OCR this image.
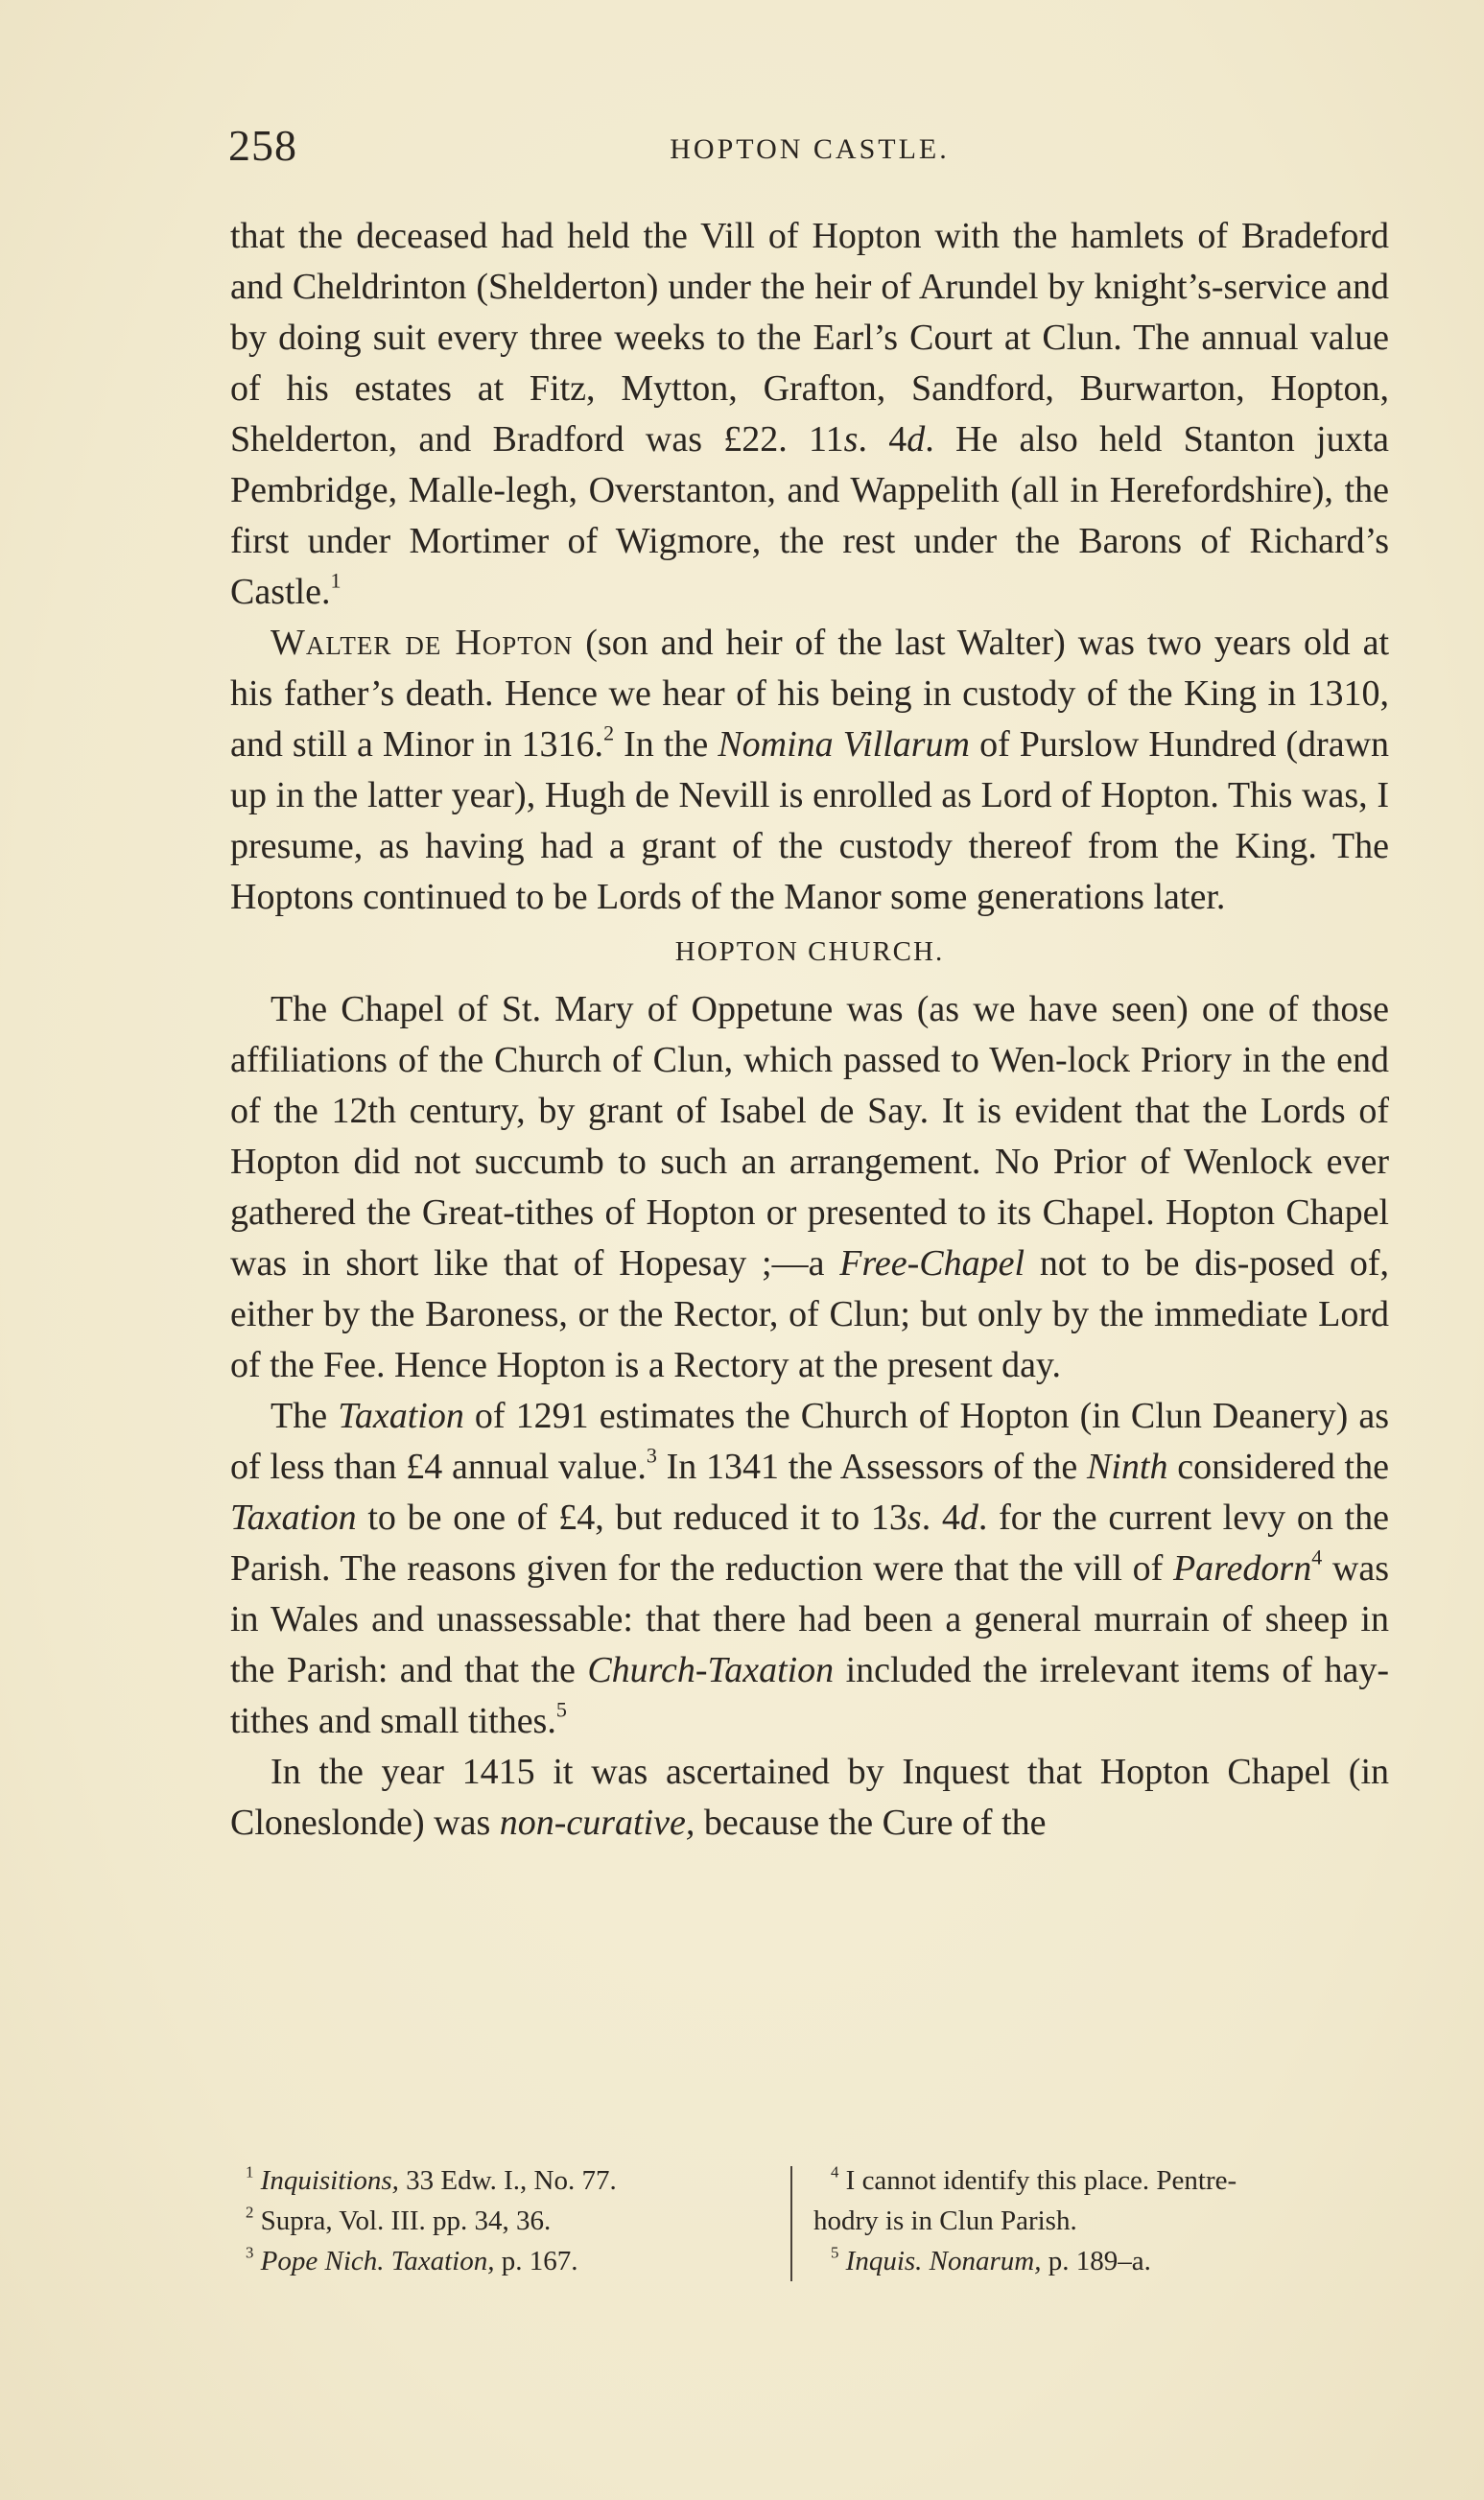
258	HOPTON CASTLE.

that the deceased had held the Vill of Hopton with the hamlets of Bradeford and Cheldrinton (Shelderton) under the heir of Arundel by knight’s-service and by doing suit every three weeks to the Earl’s Court at Clun. The annual value of his estates at Fitz, Mytton, Grafton, Sandford, Burwarton, Hopton, Shelderton, and Bradford was £22. 11s. 4d. He also held Stanton juxta Pembridge, Malle-legh, Overstanton, and Wappelith (all in Herefordshire), the first under Mortimer of Wigmore, the rest under the Barons of Richard’s Castle.$^1$

Walter de Hopton (son and heir of the last Walter) was two years old at his father’s death. Hence we hear of his being in custody of the King in 1310, and still a Minor in 1316.$^2$ In the Nomina Villarum of Purslow Hundred (drawn up in the latter year), Hugh de Nevill is enrolled as Lord of Hopton. This was, I presume, as having had a grant of the custody thereof from the King. The Hoptons continued to be Lords of the Manor some generations later.

HOPTON CHURCH.

The Chapel of St. Mary of Oppetune was (as we have seen) one of those affiliations of the Church of Clun, which passed to Wen-lock Priory in the end of the 12th century, by grant of Isabel de Say. It is evident that the Lords of Hopton did not succumb to such an arrangement. No Prior of Wenlock ever gathered the Great-tithes of Hopton or presented to its Chapel. Hopton Chapel was in short like that of Hopesay ;—a Free-Chapel not to be dis-posed of, either by the Baroness, or the Rector, of Clun; but only by the immediate Lord of the Fee. Hence Hopton is a Rectory at the present day.

The Taxation of 1291 estimates the Church of Hopton (in Clun Deanery) as of less than £4 annual value.$^3$ In 1341 the Assessors of the Ninth considered the Taxation to be one of £4, but reduced it to 13s. 4d. for the current levy on the Parish. The reasons given for the reduction were that the vill of Paredorn$^4$ was in Wales and unassessable: that there had been a general murrain of sheep in the Parish: and that the Church-Taxation included the irrelevant items of hay-tithes and small tithes.$^5$

In the year 1415 it was ascertained by Inquest that Hopton Chapel (in Cloneslonde) was non-curative, because the Cure of the

$^1$ Inquisitions, 33 Edw. I., No. 77.
$^2$ Supra, Vol. III. pp. 34, 36.
$^3$ Pope Nich. Taxation, p. 167.
$^4$ I cannot identify this place. Pentre-
hodry is in Clun Parish.
$^5$ Inquis. Nonarum, p. 189–a.
